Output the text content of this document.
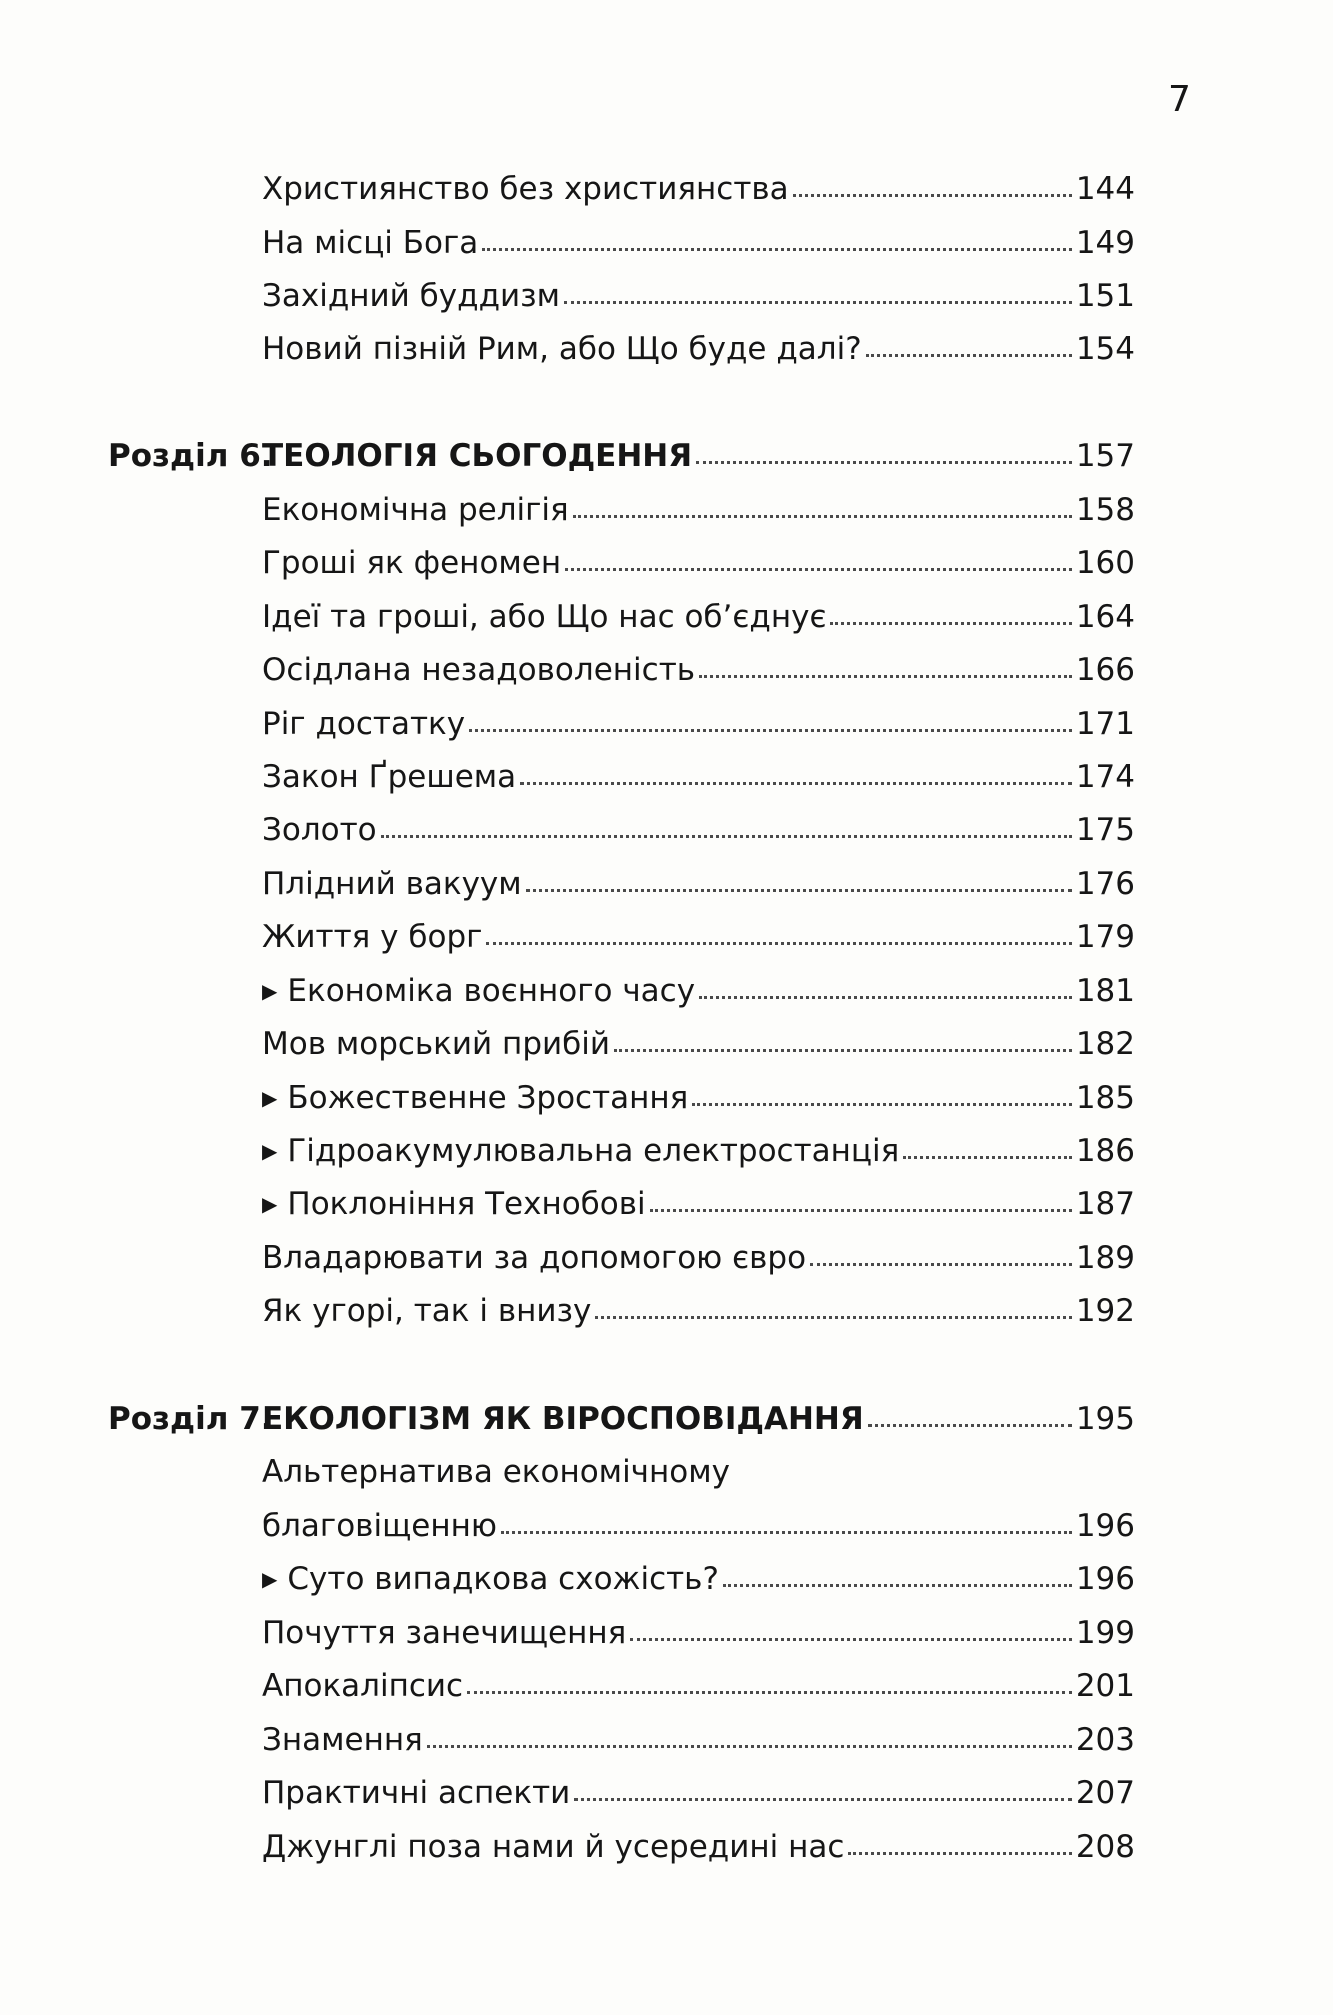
7
Християнство без християнства	144
На місці Бога	149
Західний буддизм	151
Новий пізній Рим, або Що буде далі?	154
Розділ 6.
ТЕОЛОГІЯ СЬОГОДЕННЯ	157
Економічна релігія	158
Гроші як феномен	160
Ідеї та гроші, або Що нас об’єднує	164
Осідлана незадоволеність	166
Ріг достатку	171
Закон Ґрешема	174
Золото	175
Плідний вакуум	176
Життя у борг	179
▶ Економіка воєнного часу	181
Мов морський прибій	182
▶ Божественне Зростання	185
▶ Гідроакумулювальна електростанція	186
▶ Поклоніння Технобові	187
Владарювати за допомогою євро	189
Як угорі, так і внизу	192
Розділ 7.
ЕКОЛОГІЗМ ЯК ВІРОСПОВІДАННЯ	195
Альтернатива економічному
благовіщенню	196
▶ Суто випадкова схожість?	196
Почуття занечищення	199
Апокаліпсис	201
Знамення	203
Практичні аспекти	207
Джунглі поза нами й усередині нас	208
